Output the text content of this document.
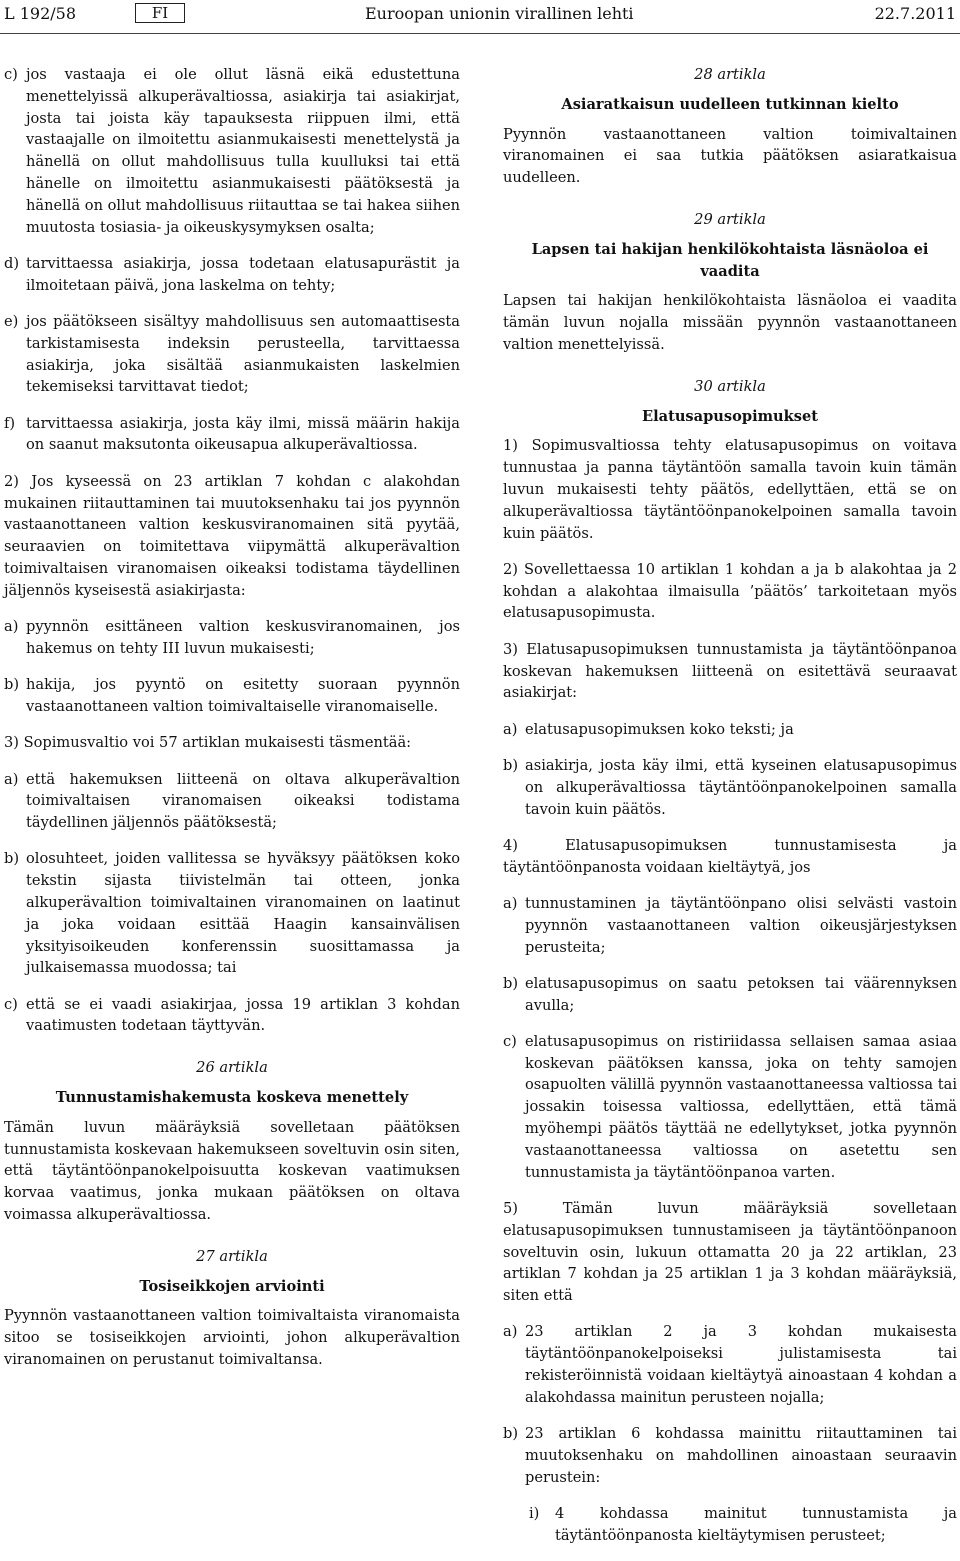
L 192/58	FI	Euroopan unionin virallinen lehti	22.7.2011
c) jos vastaaja ei ole ollut läsnä eikä edustettuna menettelyissä alkuperävaltiossa, asiakirja tai asiakirjat, josta tai joista käy tapauksesta riippuen ilmi, että vastaajalle on ilmoitettu asianmukaisesti menettelystä ja hänellä on ollut mahdollisuus tulla kuulluksi tai että hänelle on ilmoitettu asianmukaisesti päätöksestä ja hänellä on ollut mahdollisuus riitauttaa se tai hakea siihen muutosta tosiasia- ja oikeuskysymyksen osalta;
d) tarvittaessa asiakirja, jossa todetaan elatusapurästit ja ilmoitetaan päivä, jona laskelma on tehty;
e) jos päätökseen sisältyy mahdollisuus sen automaattisesta tarkistamisesta indeksin perusteella, tarvittaessa asiakirja, joka sisältää asianmukaisten laskelmien tekemiseksi tarvittavat tiedot;
f) tarvittaessa asiakirja, josta käy ilmi, missä määrin hakija on saanut maksutonta oikeusapua alkuperävaltiossa.

2) Jos kyseessä on 23 artiklan 7 kohdan c alakohdan mukainen riitauttaminen tai muutoksenhaku tai jos pyynnön vastaanottaneen valtion keskusviranomainen sitä pyytää, seuraavien on toimitettava viipymättä alkuperävaltion toimivaltaisen viranomaisen oikeaksi todistama täydellinen jäljennös kyseisestä asiakirjasta:

a) pyynnön esittäneen valtion keskusviranomainen, jos hakemus on tehty III luvun mukaisesti;
b) hakija, jos pyyntö on esitetty suoraan pyynnön vastaanottaneen valtion toimivaltaiselle viranomaiselle.

3) Sopimusvaltio voi 57 artiklan mukaisesti täsmentää:

a) että hakemuksen liitteenä on oltava alkuperävaltion toimivaltaisen viranomaisen oikeaksi todistama täydellinen jäljennös päätöksestä;
b) olosuhteet, joiden vallitessa se hyväksyy päätöksen koko tekstin sijasta tiivistelmän tai otteen, jonka alkuperävaltion toimivaltainen viranomainen on laatinut ja joka voidaan esittää Haagin kansainvälisen yksityisoikeuden konferenssin suosittamassa ja julkaisemassa muodossa; tai
c) että se ei vaadi asiakirjaa, jossa 19 artiklan 3 kohdan vaatimusten todetaan täyttyvän.
26 artikla
Tunnustamishakemusta koskeva menettely

Tämän luvun määräyksiä sovelletaan päätöksen tunnustamista koskevaan hakemukseen soveltuvin osin siten, että täytäntöönpanokelpoisuutta koskevan vaatimuksen korvaa vaatimus, jonka mukaan päätöksen on oltava voimassa alkuperävaltiossa.

27 artikla
Tosiseikkojen arviointi

Pyynnön vastaanottaneen valtion toimivaltaista viranomaista sitoo se tosiseikkojen arviointi, johon alkuperävaltion viranomainen on perustanut toimivaltansa.

28 artikla
Asiaratkaisun uudelleen tutkinnan kielto

Pyynnön vastaanottaneen valtion toimivaltainen viranomainen ei saa tutkia päätöksen asiaratkaisua uudelleen.

29 artikla
Lapsen tai hakijan henkilökohtaista läsnäoloa ei vaadita

Lapsen tai hakijan henkilökohtaista läsnäoloa ei vaadita tämän luvun nojalla missään pyynnön vastaanottaneen valtion menettelyissä.

30 artikla
Elatusapusopimukset

1) Sopimusvaltiossa tehty elatusapusopimus on voitava tunnustaa ja panna täytäntöön samalla tavoin kuin tämän luvun mukaisesti tehty päätös, edellyttäen, että se on alkuperävaltiossa täytäntöönpanokelpoinen samalla tavoin kuin päätös.

2) Sovellettaessa 10 artiklan 1 kohdan a ja b alakohtaa ja 2 kohdan a alakohtaa ilmaisulla ’päätös’ tarkoitetaan myös elatusapusopimusta.

3) Elatusapusopimuksen tunnustamista ja täytäntöönpanoa koskevan hakemuksen liitteenä on esitettävä seuraavat asiakirjat:

a) elatusapusopimuksen koko teksti; ja
b) asiakirja, josta käy ilmi, että kyseinen elatusapusopimus on alkuperävaltiossa täytäntöönpanokelpoinen samalla tavoin kuin päätös.

4) Elatusapusopimuksen tunnustamisesta ja täytäntöönpanosta voidaan kieltäytyä, jos

a) tunnustaminen ja täytäntöönpano olisi selvästi vastoin pyynnön vastaanottaneen valtion oikeusjärjestyksen perusteita;
b) elatusapusopimus on saatu petoksen tai väärennyksen avulla;
c) elatusapusopimus on ristiriidassa sellaisen samaa asiaa koskevan päätöksen kanssa, joka on tehty samojen osapuolten välillä pyynnön vastaanottaneessa valtiossa tai jossakin toisessa valtiossa, edellyttäen, että tämä myöhempi päätös täyttää ne edellytykset, jotka pyynnön vastaanottaneessa valtiossa on asetettu sen tunnustamista ja täytäntöönpanoa varten.

5) Tämän luvun määräyksiä sovelletaan elatusapusopimuksen tunnustamiseen ja täytäntöönpanoon soveltuvin osin, lukuun ottamatta 20 ja 22 artiklan, 23 artiklan 7 kohdan ja 25 artiklan 1 ja 3 kohdan määräyksiä, siten että

a) 23 artiklan 2 ja 3 kohdan mukaisesta täytäntöönpanokelpoiseksi julistamisesta tai rekisteröinnistä voidaan kieltäytyä ainoastaan 4 kohdan a alakohdassa mainitun perusteen nojalla;
b) 23 artiklan 6 kohdassa mainittu riitauttaminen tai muutoksenhaku on mahdollinen ainoastaan seuraavin perustein:
i)	4 kohdassa mainitut tunnustamista ja täytäntöönpanosta kieltäytymisen perusteet;
